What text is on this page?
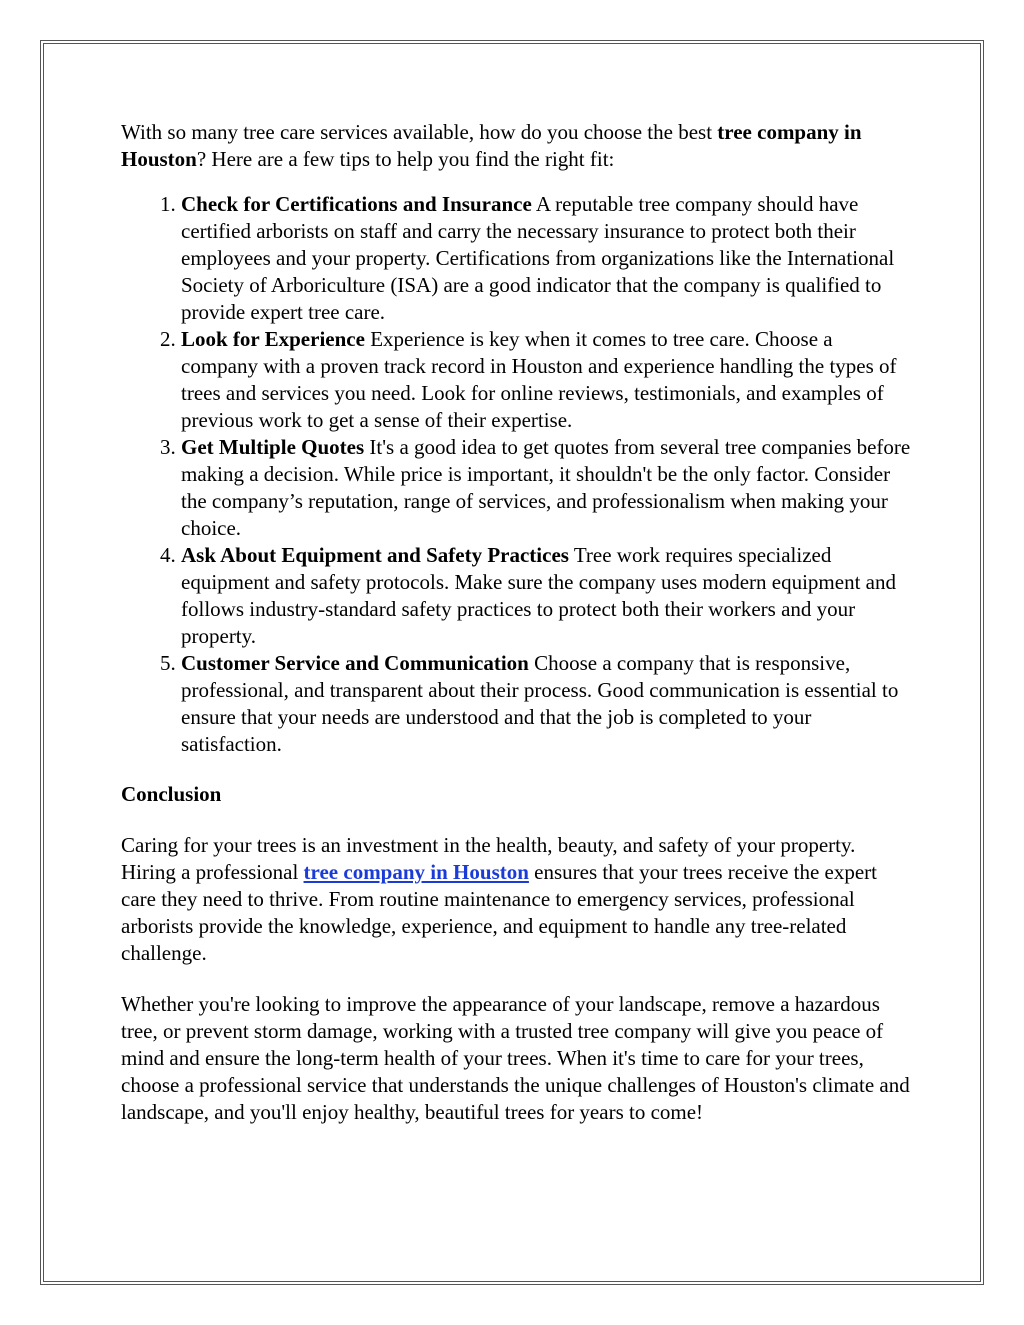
With so many tree care services available, how do you choose the best tree company in Houston? Here are a few tips to help you find the right fit:

1. Check for Certifications and Insurance A reputable tree company should have certified arborists on staff and carry the necessary insurance to protect both their employees and your property. Certifications from organizations like the International Society of Arboriculture (ISA) are a good indicator that the company is qualified to provide expert tree care.
2. Look for Experience Experience is key when it comes to tree care. Choose a company with a proven track record in Houston and experience handling the types of trees and services you need. Look for online reviews, testimonials, and examples of previous work to get a sense of their expertise.
3. Get Multiple Quotes It's a good idea to get quotes from several tree companies before making a decision. While price is important, it shouldn't be the only factor. Consider the company’s reputation, range of services, and professionalism when making your choice.
4. Ask About Equipment and Safety Practices Tree work requires specialized equipment and safety protocols. Make sure the company uses modern equipment and follows industry-standard safety practices to protect both their workers and your property.
5. Customer Service and Communication Choose a company that is responsive, professional, and transparent about their process. Good communication is essential to ensure that your needs are understood and that the job is completed to your satisfaction.

Conclusion

Caring for your trees is an investment in the health, beauty, and safety of your property. Hiring a professional tree company in Houston ensures that your trees receive the expert care they need to thrive. From routine maintenance to emergency services, professional arborists provide the knowledge, experience, and equipment to handle any tree-related challenge.

Whether you're looking to improve the appearance of your landscape, remove a hazardous tree, or prevent storm damage, working with a trusted tree company will give you peace of mind and ensure the long-term health of your trees. When it's time to care for your trees, choose a professional service that understands the unique challenges of Houston's climate and landscape, and you'll enjoy healthy, beautiful trees for years to come!
